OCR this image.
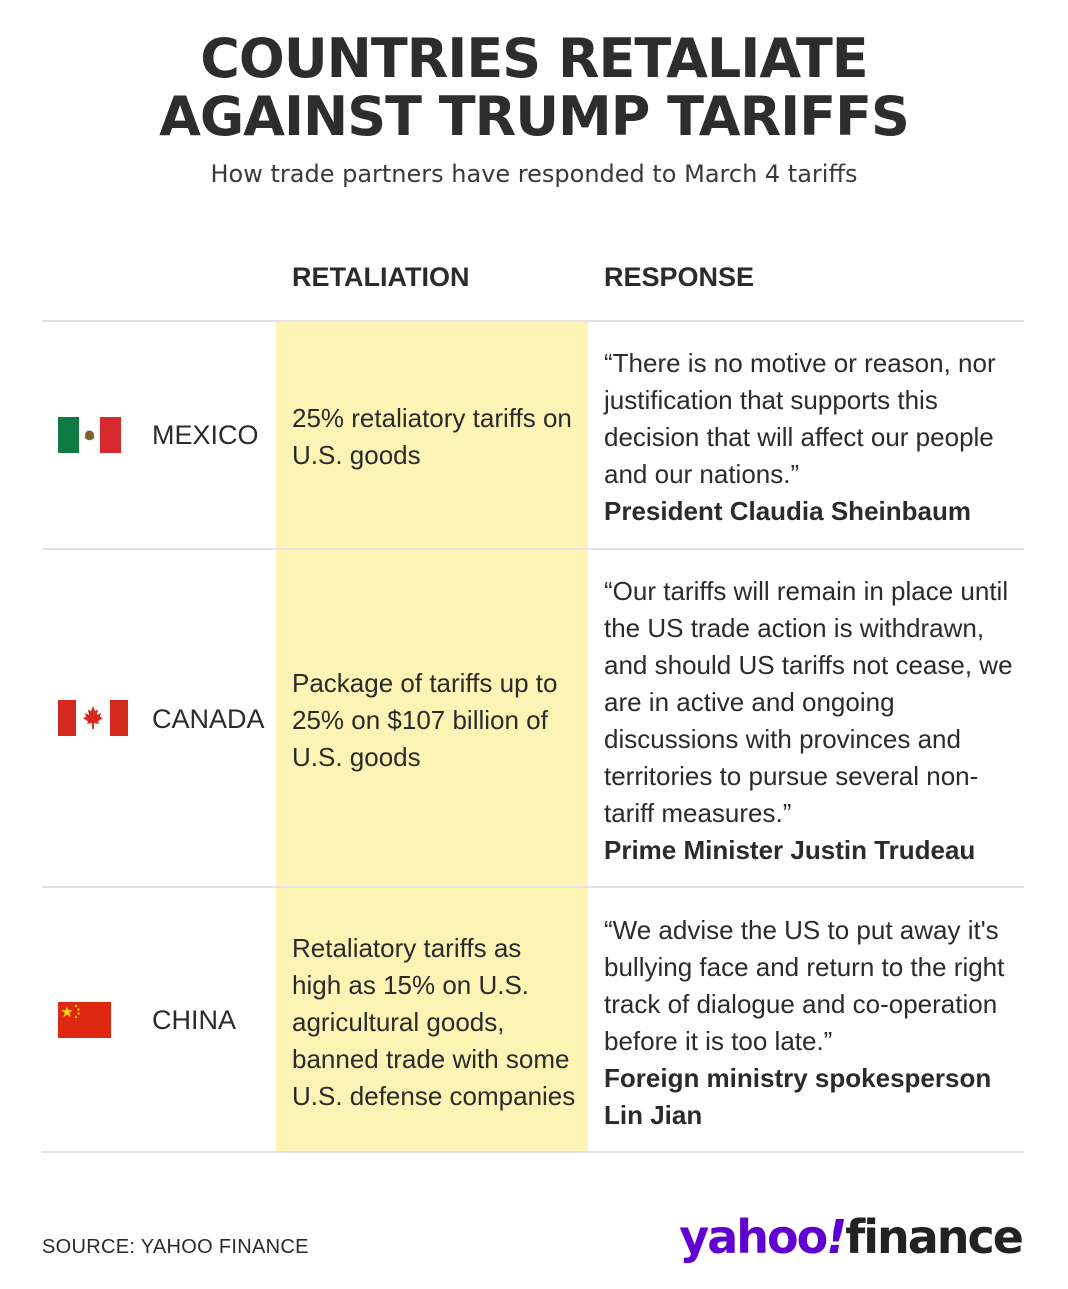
COUNTRIES RETALIATE
AGAINST TRUMP TARIFFS
How trade partners have responded to March 4 tariffs
RETALIATION	RESPONSE
MEXICO
25% retaliatory tariffs on U.S. goods
“There is no motive or reason, nor justification that supports this decision that will affect our people and our nations.”
President Claudia Sheinbaum
CANADA
Package of tariffs up to 25% on $107 billion of U.S. goods
“Our tariffs will remain in place until the US trade action is withdrawn, and should US tariffs not cease, we are in active and ongoing discussions with provinces and territories to pursue several non-tariff measures.”
Prime Minister Justin Trudeau
CHINA
Retaliatory tariffs as high as 15% on U.S. agricultural goods, banned trade with some U.S. defense companies
“We advise the US to put away it's bullying face and return to the right track of dialogue and co-operation before it is too late.”
Foreign ministry spokesperson Lin Jian
SOURCE: YAHOO FINANCE	yahoo!finance
